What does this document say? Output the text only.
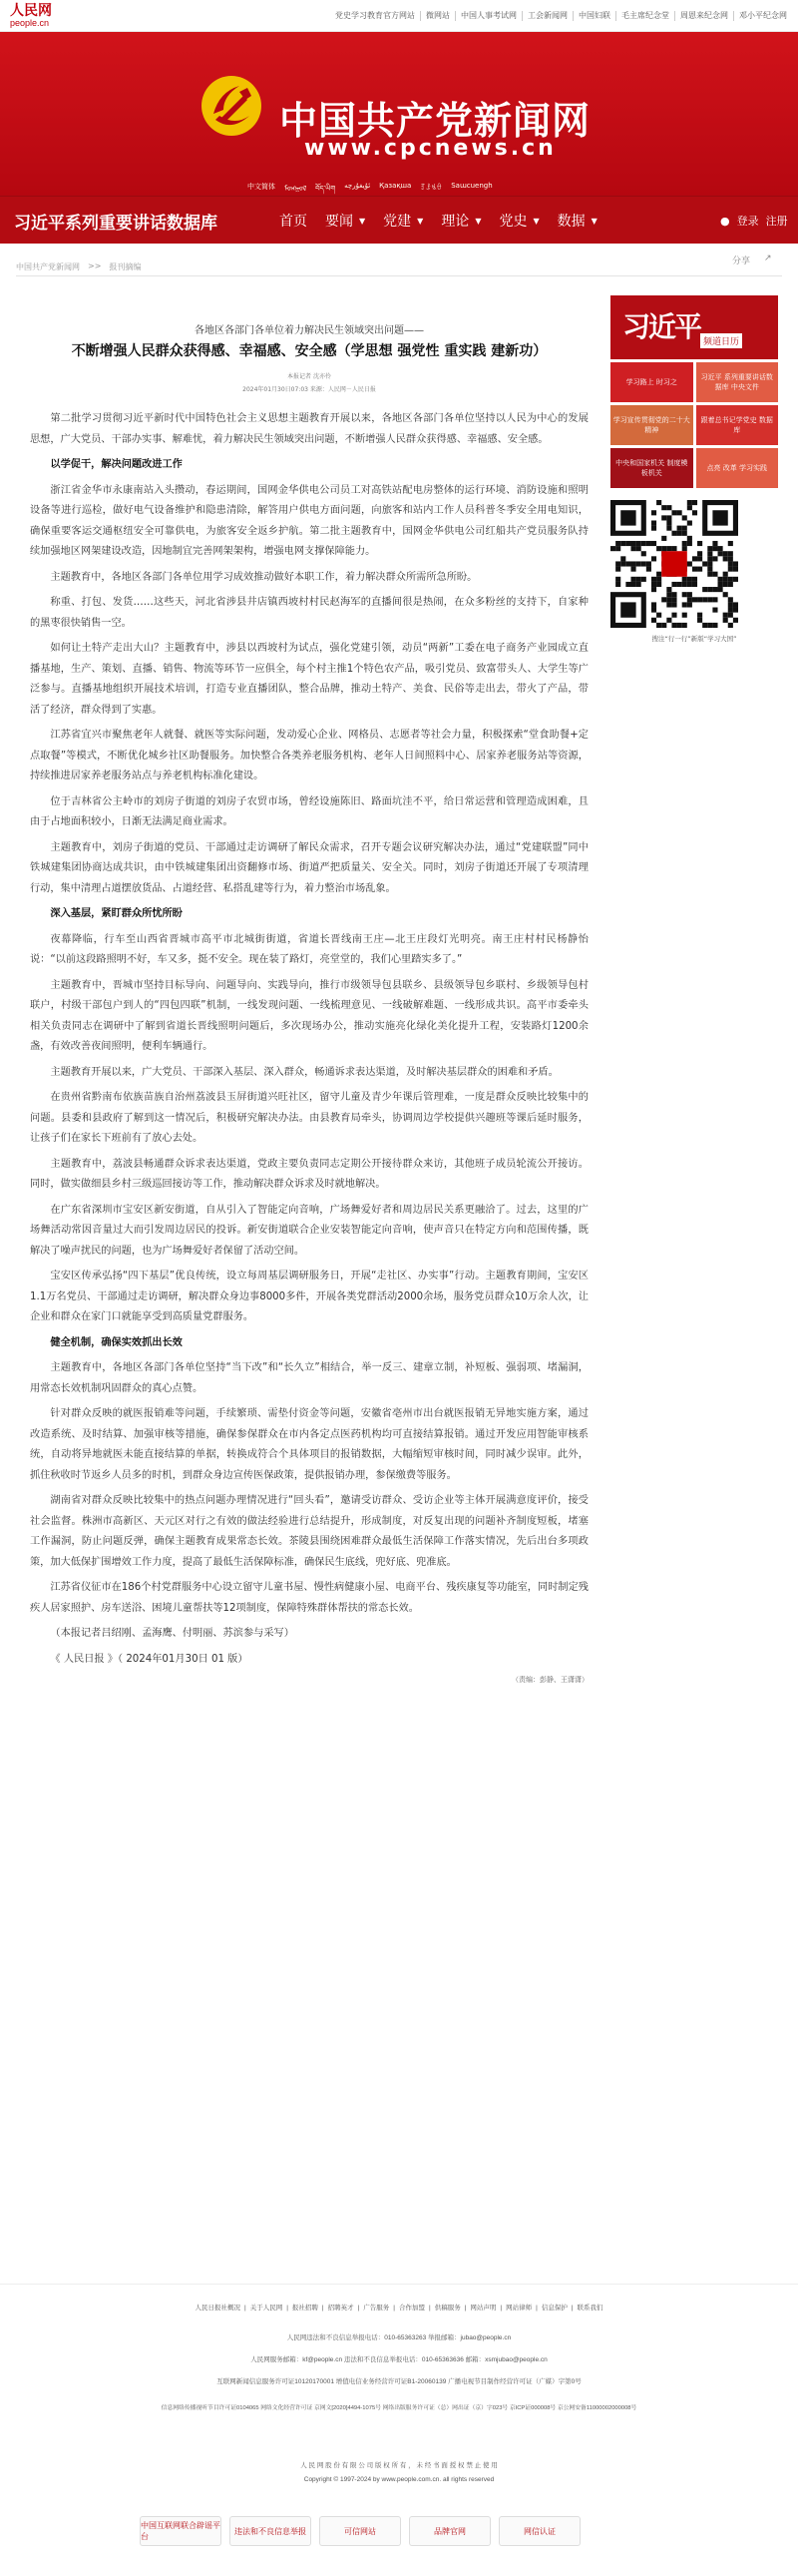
人民网
people.cn
党史学习教育官方网站	微网站	中国人事考试网	工会新闻网	中国妇联	毛主席纪念堂	周恩来纪念网	邓小平纪念网
中国共产党新闻网
www.cpcnews.cn
中文简体 ᠮᠣᠩᠭᠣᠯ བོད་ཡིག ئۇيغۇرچە Қазақша ꆈꌠꁱꂷ Saɯcuengh
习近平系列重要讲话数据库	首页 要闻 ▼ 党建 ▼ 理论 ▼ 党史 ▼ 数据 ▼	● 登录 注册
中国共产党新闻网 >> 报刊摘编
分享 ↗
各地区各部门各单位着力解决民生领域突出问题——
不断增强人民群众获得感、幸福感、安全感（学思想 强党性 重实践 建新功）
本报记者 沈亦伶
2024年01月30日07:03 来源：人民网－人民日报

第二批学习贯彻习近平新时代中国特色社会主义思想主题教育开展以来，各地区各部门各单位坚持以人民为中心的发展思想，广大党员、干部办实事、解难忧，着力解决民生领域突出问题，不断增强人民群众获得感、幸福感、安全感。

以学促干，解决问题改进工作

浙江省金华市永康南站入头攒动，春运期间，国网金华供电公司员工对高铁站配电房整体的运行环境、消防设施和照明设备等进行巡检，做好电气设备维护和隐患清除，解答用户供电方面问题，向旅客和站内工作人员科普冬季安全用电知识，确保重要客运交通枢纽安全可靠供电，为旅客安全返乡护航。第二批主题教育中，国网金华供电公司红船共产党员服务队持续加强地区网架建设改造，因地制宜完善网架架构，增强电网支撑保障能力。

主题教育中，各地区各部门各单位用学习成效推动做好本职工作，着力解决群众所需所急所盼。

称重、打包、发货……这些天，河北省涉县井店镇西坡村村民赵海军的直播间很是热闹，在众多粉丝的支持下，自家种的黑枣很快销售一空。

如何让土特产走出大山？主题教育中，涉县以西坡村为试点，强化党建引领，动员“两新”工委在电子商务产业园成立直播基地，生产、策划、直播、销售、物流等环节一应俱全，每个村主推1个特色农产品，吸引党员、致富带头人、大学生等广泛参与。直播基地组织开展技术培训，打造专业直播团队，整合品牌，推动土特产、美食、民俗等走出去，带火了产品，带活了经济，群众得到了实惠。

江苏省宜兴市聚焦老年人就餐、就医等实际问题，发动爱心企业、网格员、志愿者等社会力量，积极探索“堂食助餐+定点取餐”等模式，不断优化城乡社区助餐服务。加快整合各类养老服务机构、老年人日间照料中心、居家养老服务站等资源，持续推进居家养老服务站点与养老机构标准化建设。

位于吉林省公主岭市的刘房子街道的刘房子农贸市场，曾经设施陈旧、路面坑洼不平，给日常运营和管理造成困难，且由于占地面积较小，日渐无法满足商业需求。

主题教育中，刘房子街道的党员、干部通过走访调研了解民众需求，召开专题会议研究解决办法，通过“党建联盟”同中铁城建集团协商达成共识，由中铁城建集团出资翻修市场、街道严把质量关、安全关。同时，刘房子街道还开展了专项清理行动，集中清理占道摆放货品、占道经营、私搭乱建等行为，着力整治市场乱象。

深入基层，紧盯群众所忧所盼

夜幕降临，行车至山西省晋城市高平市北城街街道，省道长晋线南王庄—北王庄段灯光明亮。南王庄村村民杨静怡说：“以前这段路照明不好，车又多，挺不安全。现在装了路灯，亮堂堂的，我们心里踏实多了。”

主题教育中，晋城市坚持目标导向、问题导向、实践导向，推行市级领导包县联乡、县级领导包乡联村、乡级领导包村联户，村级干部包户到人的“四包四联”机制，一线发现问题、一线梳理意见、一线破解难题、一线形成共识。高平市委牵头相关负责同志在调研中了解到省道长晋线照明问题后，多次现场办公，推动实施亮化绿化美化提升工程，安装路灯1200余盏，有效改善夜间照明，便利车辆通行。

主题教育开展以来，广大党员、干部深入基层、深入群众，畅通诉求表达渠道，及时解决基层群众的困难和矛盾。

在贵州省黔南布依族苗族自治州荔波县玉屏街道兴旺社区，留守儿童及青少年课后管理难，一度是群众反映比较集中的问题。县委和县政府了解到这一情况后，积极研究解决办法。由县教育局牵头，协调周边学校提供兴趣班等课后延时服务，让孩子们在家长下班前有了放心去处。

主题教育中，荔波县畅通群众诉求表达渠道，党政主要负责同志定期公开接待群众来访，其他班子成员轮流公开接访。同时，做实做细县乡村三级巡回接访等工作，推动解决群众诉求及时就地解决。

在广东省深圳市宝安区新安街道，自从引入了智能定向音响，广场舞爱好者和周边居民关系更融洽了。过去，这里的广场舞活动常因音量过大而引发周边居民的投诉。新安街道联合企业安装智能定向音响，使声音只在特定方向和范围传播，既解决了噪声扰民的问题，也为广场舞爱好者保留了活动空间。

宝安区传承弘扬“四下基层”优良传统，设立每周基层调研服务日，开展“走社区、办实事”行动。主题教育期间，宝安区1.1万名党员、干部通过走访调研，解决群众身边事8000多件，开展各类党群活动2000余场，服务党员群众10万余人次，让企业和群众在家门口就能享受到高质量党群服务。

健全机制，确保实效抓出长效

主题教育中，各地区各部门各单位坚持“当下改”和“长久立”相结合，举一反三、建章立制，补短板、强弱项、堵漏洞，用常态长效机制巩固群众的真心点赞。

针对群众反映的就医报销难等问题，手续繁琐、需垫付资金等问题，安徽省亳州市出台就医报销无异地实施方案，通过改造系统、及时结算、加强审核等措施，确保参保群众在市内各定点医药机构均可直接结算报销。通过开发应用智能审核系统，自动将异地就医未能直接结算的单据，转换成符合个具体项目的报销数据，大幅缩短审核时间，同时减少误审。此外，抓住秋收时节返乡人员多的时机，到群众身边宣传医保政策，提供报销办理，参保缴费等服务。

湖南省对群众反映比较集中的热点问题办理情况进行“回头看”，邀请受访群众、受访企业等主体开展满意度评价，接受社会监督。株洲市高新区、天元区对行之有效的做法经验进行总结提升，形成制度，对反复出现的问题补齐制度短板，堵塞工作漏洞，防止问题反弹，确保主题教育成果常态长效。茶陵县围绕困难群众最低生活保障工作落实情况，先后出台多项政策，加大低保扩围增效工作力度，提高了最低生活保障标准，确保民生底线，兜好底、兜准底。

江苏省仪征市在186个村党群服务中心设立留守儿童书屋、慢性病健康小屋、电商平台、残疾康复等功能室，同时制定残疾人居家照护、房车送浴、困境儿童帮扶等12项制度，保障特殊群体帮扶的常态长效。

（本报记者吕绍刚、孟海鹰、付明丽、苏滨参与采写）

《 人民日报 》（ 2024年01月30日 01 版）

（责编：彭静、王潇潇）
习近平 频道日历
学习路上 时习之
习近平 系列重要讲话数据库 中央文件
学习宣传贯彻党的二十大精神
跟着总书记学党史 数据库
中央和国家机关 制度模板机关
点亮 ​改革 学习实践
搜注“行一行”新版“学习大国”
人民日报社概况 | 关于人民网 | 报社招聘 | 招聘英才 | 广告服务 | 合作加盟 | 供稿服务 | 网站声明 | 网站律师 | 信息保护 | 联系我们
人民网违法和不良信息举报电话：010-65363263 举报邮箱：jubao@people.cn
人民网服务邮箱：kf@people.cn 违法和不良信息举报电话：010-65363636 邮箱：xsmjubao@people.cn
互联网新闻信息服务许可证10120170001 增值电信业务经营许可证B1-20060139 广播电视节目制作经营许可证（广媒）字第0号
信息网络传播视听节目许可证0104065 网络文化经营许可证 京网文[2020]4494-1075号 网络出版服务许可证（总）网出证（京）字023号 京ICP证000008号 京公网安备11000002000008号
人 民 网 股 份 有 限 公 司 版 权 所 有 ， 未 经 书 面 授 权 禁 止 使 用
Copyright © 1997-2024 by www.people.com.cn. all rights reserved
中国互联网联合辟谣平台
违法和不良信息举报	可信网站	品牌官网	网信认证
